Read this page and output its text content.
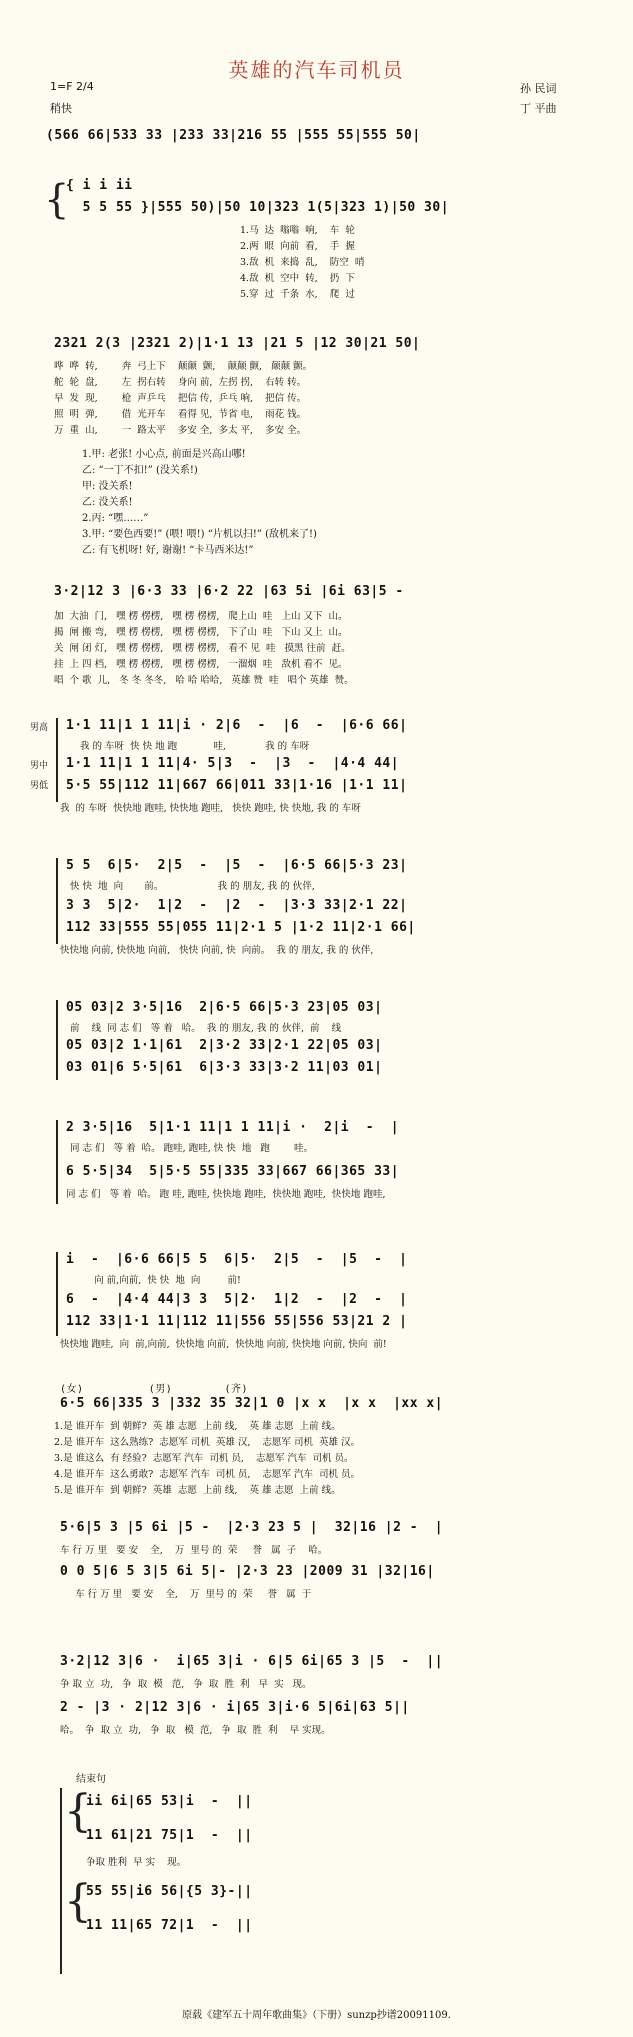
英雄的汽车司机员
1=F 2/4
稍快
孙 民词
丁 平曲
(566 66|533 33 |233 33|216 55 |555 55|555 50|
{
{ i i ii
5 5 55 }|555 50)|50 10|323 1(5|323 1)|50 30|
1.马  达  嗡嗡  响,    车  轮
2.两  眼  向前  看,    手  握
3.敌  机  来捣  乱,    防空  哨
4.敌  机  空中  转,    扔  下
5.穿  过  千条  水,    爬  过
2321 2(3 |2321 2)|1·1 13 |21 5 |12 30|21 50|
哗  哗  转,        奔  弓上下    颠颠  颤,    颠颠 颤,   颠颠 颤。
舵  轮  盘,        左  拐右转    身向 前,  左拐 拐,    右转 转。
早  发  现,        枪  声乒乓    把信 传,  乒乓 响,    把信 传。
照  明  弹,        借  光开车    看得 见,  节省 电,    雨花 钱。
万  重  山,        一  路太平    多安 全,  多太 平,    多安 全。
1.甲: 老张! 小心点, 前面是兴高山哪!
乙: “一丁不扣!” (没关系!)
甲: 没关系!
乙: 没关系!
2.丙: “嘿……”
3.甲: “要色西要!” (喂! 喂!) “片机以扫!” (敌机来了!)
乙: 有飞机呀! 好, 谢谢! “卡马西米达!”
3·2|12 3 |6·3 33 |6·2 22 |63 5i |6i 63|5 -
加  大油  门,   嘿 楞 楞楞,   嘿 楞 楞楞,   爬上山  哇   上山 又下  山。
揭  闸 搬 弯,   嘿 楞 楞楞,   嘿 楞 楞楞,   下了山  哇   下山 又上  山。
关  闸 闭 灯,   嘿 楞 楞楞,   嘿 楞 楞楞,   看不 见  哇   摸黑 往前  赶。
挂  上 四 档,   嘿 楞 楞楞,   嘿 楞 楞楞,   一溜烟  哇   敌机 看不  见。
唱  个 歌  儿,   冬 冬 冬冬,   哈 哈 哈哈,   英雄 赞  哇   唱个 英雄  赞。
男高
男中
男低
1·1 11|1 1 11|i · 2|6  -  |6  -  |6·6 66|
我 的 车呀  快 快 地 跑            哇,             我 的 车呀
1·1 11|1 1 11|4· 5|3  -  |3  -  |4·4 44|
5·5 55|112 11|667 66|011 33|1·16 |1·1 11|
我  的 车呀  快快地 跑哇, 快快地 跑哇,   快快 跑哇, 快 快地, 我 的 车呀
5 5  6|5·  2|5  -  |5  -  |6·5 66|5·3 23|
快 快  地  向       前。                  我 的 朋友, 我 的 伙伴,
3 3  5|2·  1|2  -  |2  -  |3·3 33|2·1 22|
112 33|555 55|055 11|2·1 5 |1·2 11|2·1 66|
快快地 向前, 快快地 向前,   快快 向前, 快  向前。  我 的 朋友, 我 的 伙伴,
05 03|2 3·5|16  2|6·5 66|5·3 23|05 03|
前    线  同 志 们   等 着   哈。  我 的 朋友, 我 的 伙伴,  前    线
05 03|2 1·1|61  2|3·2 33|2·1 22|05 03|
03 01|6 5·5|61  6|3·3 33|3·2 11|03 01|
2 3·5|16  5|1·1 11|1 1 11|i ·  2|i  -  |
同 志 们   等 着  哈。 跑哇, 跑哇, 快 快  地   跑        哇。
6 5·5|34  5|5·5 55|335 33|667 66|365 33|
同 志 们   等 着  哈。 跑 哇, 跑哇, 快快地 跑哇,  快快地 跑哇,  快快地 跑哇,
i  -  |6·6 66|5 5  6|5·  2|5  -  |5  -  |
向 前,向前,  快 快  地  向         前!
6  -  |4·4 44|3 3  5|2·  1|2  -  |2  -  |
112 33|1·1 11|112 11|556 55|556 53|21 2 |
快快地 跑哇,  向  前,向前,  快快地 向前,  快快地 向前, 快快地 向前, 快向  前!
(女)          (男)        (齐)
6·5 66|335 3 |332 35 32|1 0 |x x  |x x  |xx x|
1.是 谁开车  到 朝鲜?  英 雄 志愿  上前 线,    英 雄 志愿  上前 线。
2.是 谁开车  这么熟练?  志愿军 司机  英雄 汉,    志愿军 司机  英雄 汉。
3.是 谁这么  有 经验?  志愿军 汽车  司机 员,    志愿军 汽车  司机 员。
4.是 谁开车  这么勇敢?  志愿军 汽车  司机 员,    志愿军 汽车  司机 员。
5.是 谁开车  到 朝鲜?  英雄  志愿  上前 线,    英 雄 志愿  上前 线。
5·6|5 3 |5 6i |5 -  |2·3 23 5 |  32|16 |2 -  |
车 行 万 里   要 安    全,    万  里号 的  荣     誉   属  子    哈。
0 0 5|6 5 3|5 6i 5|- |2·3 23 |2009 31 |32|16|
车 行 万 里   要 安    全,    万  里号 的  荣     誉   属  于
3·2|12 3|6 ·  i|65 3|i · 6|5 6i|65 3 |5  -  ||
争 取 立  功,   争  取  模   范,   争  取  胜  利   早  实   现。
2 - |3 · 2|12 3|6 · i|65 3|i·6 5|6i|63 5||
哈。  争  取 立  功,   争  取   模  范,   争  取  胜  利    早 实现。
结束句
{
ii 6i|65 53|i  -  ||
11 61|21 75|1  -  ||
争取 胜利  早 实    现。
{
55 55|i6 56|{5 3}-||
11 11|65 72|1  -  ||
原载《建军五十周年歌曲集》（下册）sunzp抄谱20091109.
